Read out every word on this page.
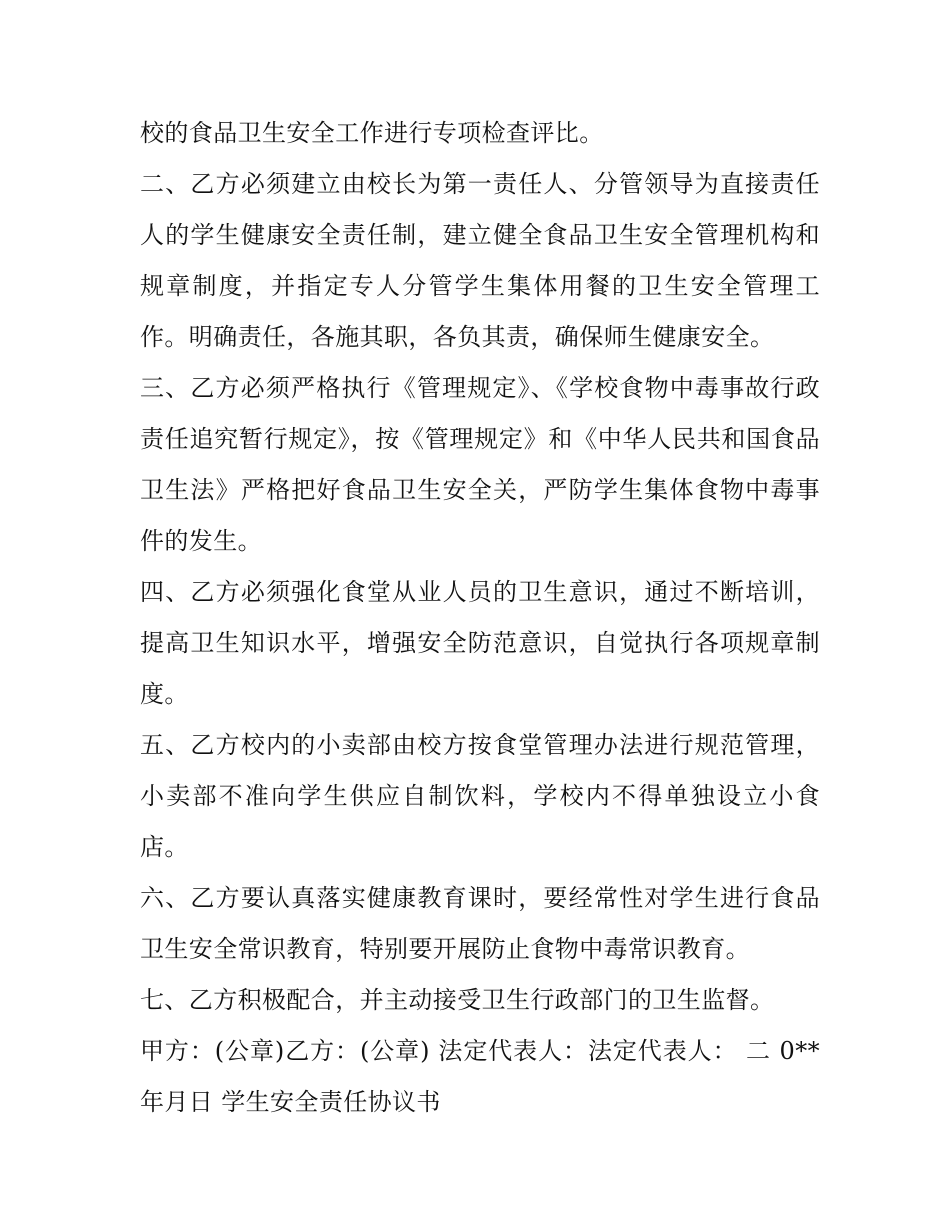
校的食品卫生安全工作进行专项检查评比。

二、乙方必须建立由校长为第一责任人、分管领导为直接责任人的学生健康安全责任制，建立健全食品卫生安全管理机构和规章制度，并指定专人分管学生集体用餐的卫生安全管理工作。明确责任，各施其职，各负其责，确保师生健康安全。

三、乙方必须严格执行《管理规定》、《学校食物中毒事故行政责任追究暂行规定》，按《管理规定》和《中华人民共和国食品卫生法》严格把好食品卫生安全关，严防学生集体食物中毒事件的发生。

四、乙方必须强化食堂从业人员的卫生意识，通过不断培训，提高卫生知识水平，增强安全防范意识，自觉执行各项规章制度。

五、乙方校内的小卖部由校方按食堂管理办法进行规范管理，小卖部不准向学生供应自制饮料，学校内不得单独设立小食店。

六、乙方要认真落实健康教育课时，要经常性对学生进行食品卫生安全常识教育，特别要开展防止食物中毒常识教育。

七、乙方积极配合，并主动接受卫生行政部门的卫生监督。

甲方：(公章)乙方：(公章) 法定代表人：法定代表人： 二 0** 年月日 学生安全责任协议书
